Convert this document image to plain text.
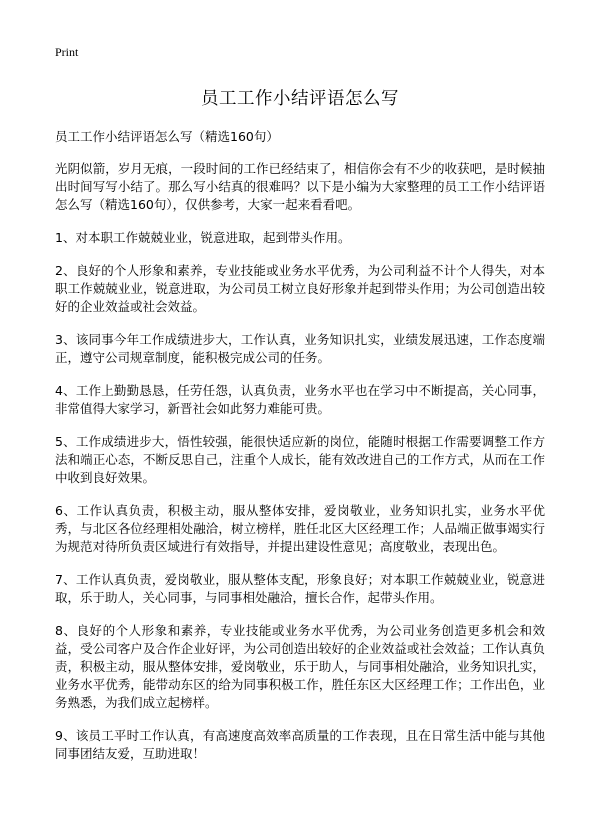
Print
员工工作小结评语怎么写

员工工作小结评语怎么写（精选160句）

光阴似箭，岁月无痕，一段时间的工作已经结束了，相信你会有不少的收获吧，是时候抽出时间写写小结了。那么写小结真的很难吗？以下是小编为大家整理的员工工作小结评语怎么写（精选160句），仅供参考，大家一起来看看吧。

1、对本职工作兢兢业业，锐意进取，起到带头作用。

2、良好的个人形象和素养，专业技能或业务水平优秀，为公司利益不计个人得失，对本职工作兢兢业业，锐意进取，为公司员工树立良好形象并起到带头作用；为公司创造出较好的企业效益或社会效益。

3、该同事今年工作成绩进步大，工作认真，业务知识扎实，业绩发展迅速，工作态度端正，遵守公司规章制度，能积极完成公司的任务。

4、工作上勤勤恳恳，任劳任怨，认真负责，业务水平也在学习中不断提高，关心同事，非常值得大家学习，新晋社会如此努力难能可贵。

5、工作成绩进步大，悟性较强，能很快适应新的岗位，能随时根据工作需要调整工作方法和端正心态，不断反思自己，注重个人成长，能有效改进自己的工作方式，从而在工作中收到良好效果。

6、工作认真负责，积极主动，服从整体安排，爱岗敬业，业务知识扎实，业务水平优秀，与北区各位经理相处融洽，树立榜样，胜任北区大区经理工作；人品端正做事竭实行为规范对待所负责区域进行有效指导，并提出建设性意见；高度敬业，表现出色。

7、工作认真负责，爱岗敬业，服从整体支配，形象良好；对本职工作兢兢业业，锐意进取，乐于助人，关心同事，与同事相处融洽，擅长合作，起带头作用。

8、良好的个人形象和素养，专业技能或业务水平优秀，为公司业务创造更多机会和效益，受公司客户及合作企业好评，为公司创造出较好的企业效益或社会效益；工作认真负责，积极主动，服从整体安排，爱岗敬业，乐于助人，与同事相处融洽，业务知识扎实，业务水平优秀，能带动东区的给为同事积极工作，胜任东区大区经理工作；工作出色，业务熟悉，为我们成立起榜样。

9、该员工平时工作认真，有高速度高效率高质量的工作表现，且在日常生活中能与其他同事团结友爱，互助进取！
